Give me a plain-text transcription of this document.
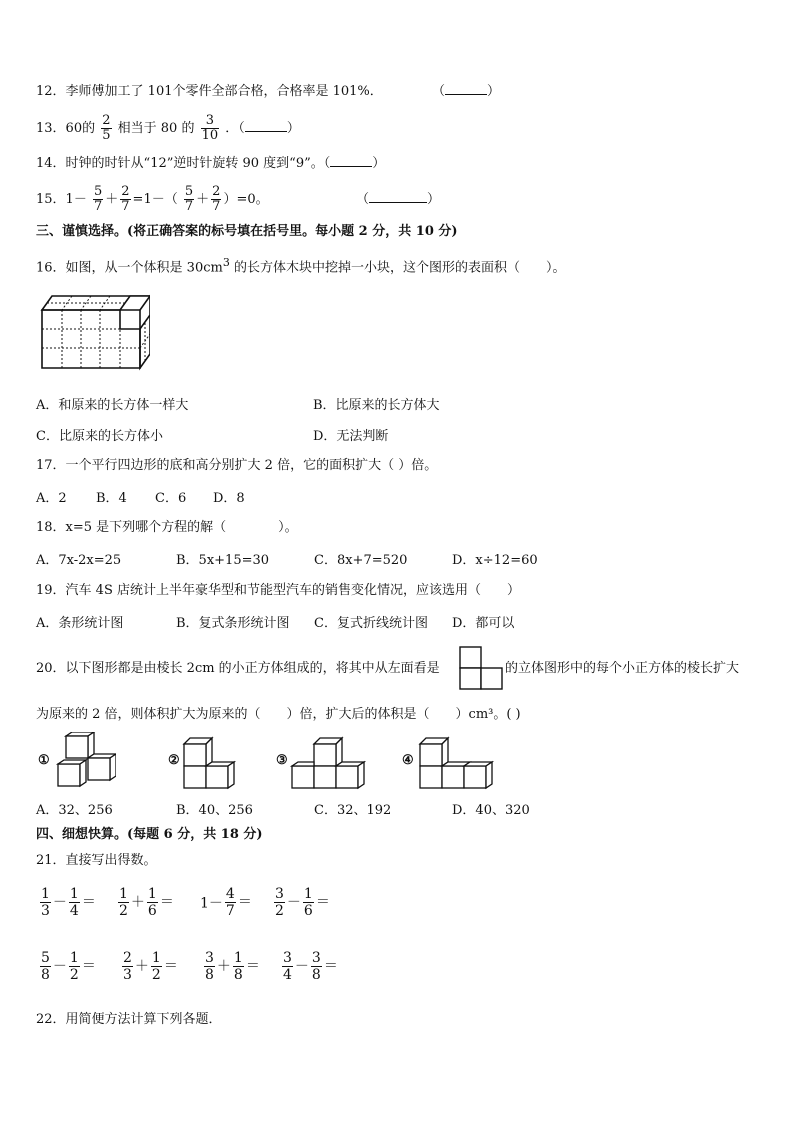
12．李师傅加工了 101个零件全部合格，合格率是 101%．	（	）
13．60的 $\frac{2}{5}$ 相当于 80 的 $\frac{3}{10}$ ．（	）
14．时钟的时针从“12”逆时针旋转 90 度到“9”。（	）
15．$1- \frac{5}{7} + \frac{2}{7} =1-( \frac{5}{7} + \frac{2}{7} )=0$。	（	）
三、谨慎选择。(将正确答案的标号填在括号里。每小题 2 分，共 10 分)
16．如图，从一个体积是 $30cm^3$ 的长方体木块中挖掉一小块，这个图形的表面积（　　）。
A．和原来的长方体一样大	B．比原来的长方体大
C．比原来的长方体小	D．无法判断
17．一个平行四边形的底和高分别扩大 2 倍，它的面积扩大（ ）倍。
A．2 B．4 C．6 D．8
18．x=5 是下列哪个方程的解（　　　　）。
A．7x-2x=25	B．5x+15=30	C．8x+7=520	D．x÷12=60
19．汽车 4S 店统计上半年豪华型和节能型汽车的销售变化情况，应该选用（　　）
A．条形统计图	B．复式条形统计图 C．复式折线统计图 D．都可以
20．以下图形都是由棱长 2cm 的小正方体组成的，将其中从左面看是	的立体图形中的每个小正方体的棱长扩大
为原来的 2 倍，则体积扩大为原来的（　　）倍，扩大后的体积是（　　）cm³。( )
①	②	③	④
A．32、256	B．40、256	C．32、192	D．40、320
四、细想快算。(每题 6 分，共 18 分)
21．直接写出得数。
$\frac{1}{3} - \frac{1}{4} = \frac{1}{2} + \frac{1}{6} = 1- \frac{4}{7} = \frac{3}{2} - \frac{1}{6}$ ＝
$\frac{5}{8} - \frac{1}{2} = \frac{2}{3} + \frac{1}{2} = \frac{3}{8} + \frac{1}{8} = \frac{3}{4} - \frac{3}{8}$ ＝
22．用简便方法计算下列各题．
